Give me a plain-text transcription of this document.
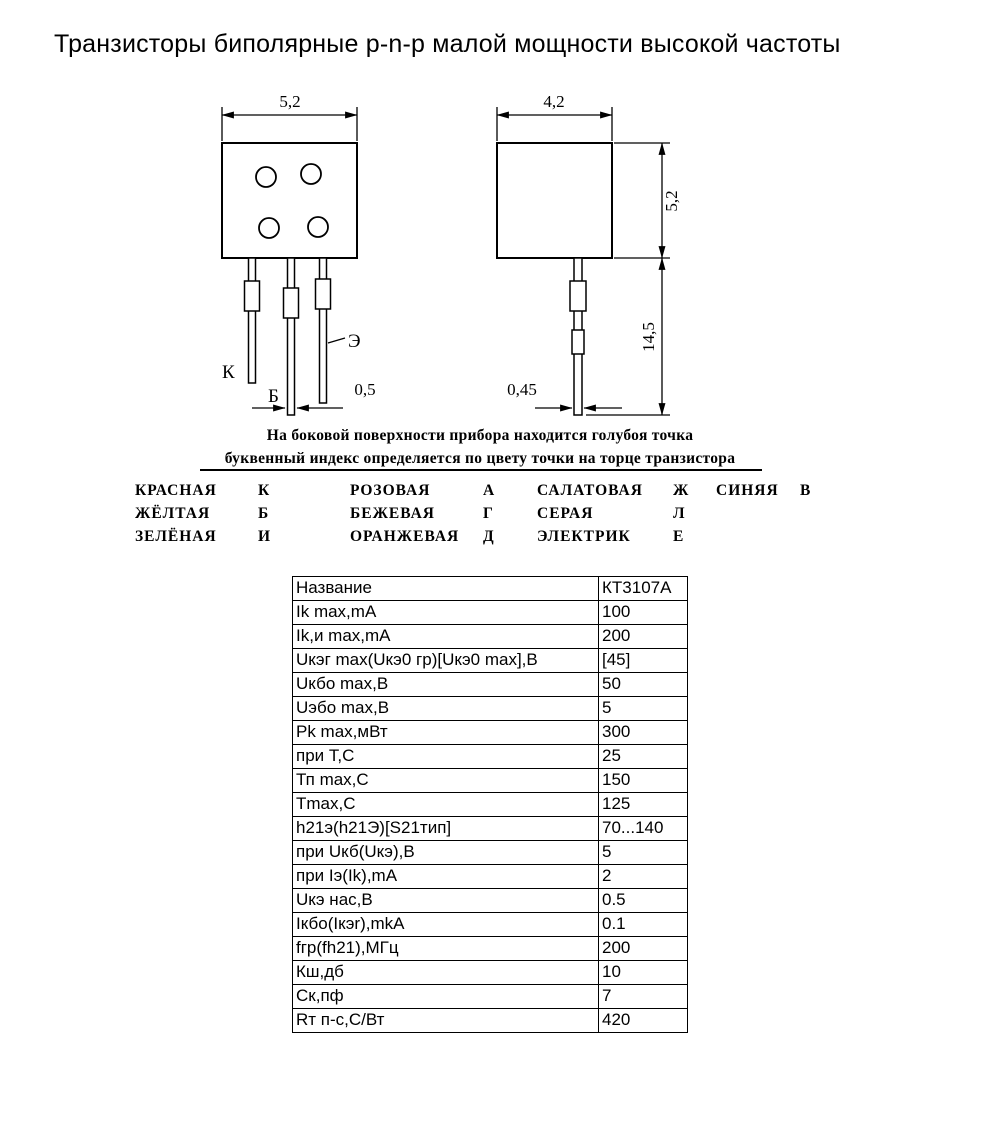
Транзисторы биполярные p-n-p малой мощности высокой частоты
5,2
Э
К
Б	0,5
4,2
5,2
14,5
0,45
На боковой поверхности прибора находится голубоя точка
буквенный индекс определяется по цвету точки на торце транзистора
КРАСНАЯ	К	РОЗОВАЯ	А	САЛАТОВАЯ	Ж	СИНЯЯ	В
ЖЁЛТАЯ	Б	БЕЖЕВАЯ	Г	СЕРАЯ	Л
ЗЕЛЁНАЯ	И	ОРАНЖЕВАЯ	Д	ЭЛЕКТРИК	Е
Название	КТ3107А
Ik max,mA	100
Ik,и max,mA	200
Uкэг max(Uкэ0 гр)[Uкэ0 max],В	[45]
Uкбо max,В	50
Uэбо max,В	5
Pk max,мВт	300
при Т,С	25
Тп max,С	150
Tmax,С	125
h21э(h21Э)[S21тип]	70...140
при Uкб(Uкэ),В	5
при Iэ(Ik),mA	2
Uкэ нас,В	0.5
Iкбо(Iкэr),mkA	0.1
fгр(fh21),МГц	200
Кш,дб	10
Ск,пф	7
Rт п-с,С/Вт	420
